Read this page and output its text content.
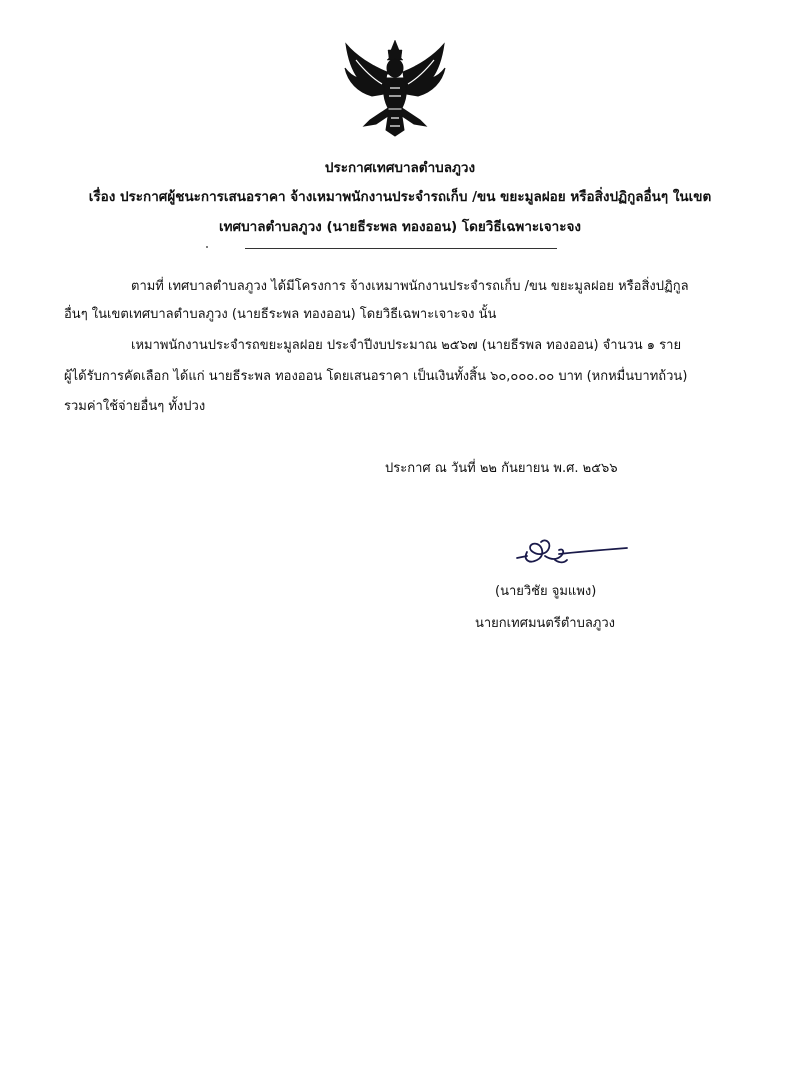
ประกาศเทศบาลตำบลภูวง
เรื่อง ประกาศผู้ชนะการเสนอราคา จ้างเหมาพนักงานประจำรถเก็บ /ขน ขยะมูลฝอย หรือสิ่งปฏิกูลอื่นๆ ในเขต
เทศบาลตำบลภูวง (นายธีระพล ทองออน) โดยวิธีเฉพาะเจาะจง
ตามที่ เทศบาลตำบลภูวง ได้มีโครงการ จ้างเหมาพนักงานประจำรถเก็บ /ขน ขยะมูลฝอย หรือสิ่งปฏิกูล
อื่นๆ ในเขตเทศบาลตำบลภูวง (นายธีระพล ทองออน) โดยวิธีเฉพาะเจาะจง นั้น
เหมาพนักงานประจำรถขยะมูลฝอย ประจำปีงบประมาณ ๒๕๖๗ (นายธีรพล ทองออน) จำนวน ๑ ราย
ผู้ได้รับการคัดเลือก ได้แก่ นายธีระพล ทองออน โดยเสนอราคา เป็นเงินทั้งสิ้น ๖๐,๐๐๐.๐๐ บาท (หกหมื่นบาทถ้วน)
รวมค่าใช้จ่ายอื่นๆ ทั้งปวง
ประกาศ ณ วันที่ ๒๒ กันยายน พ.ศ. ๒๕๖๖
(นายวิชัย จูมแพง)
นายกเทศมนตรีตำบลภูวง
